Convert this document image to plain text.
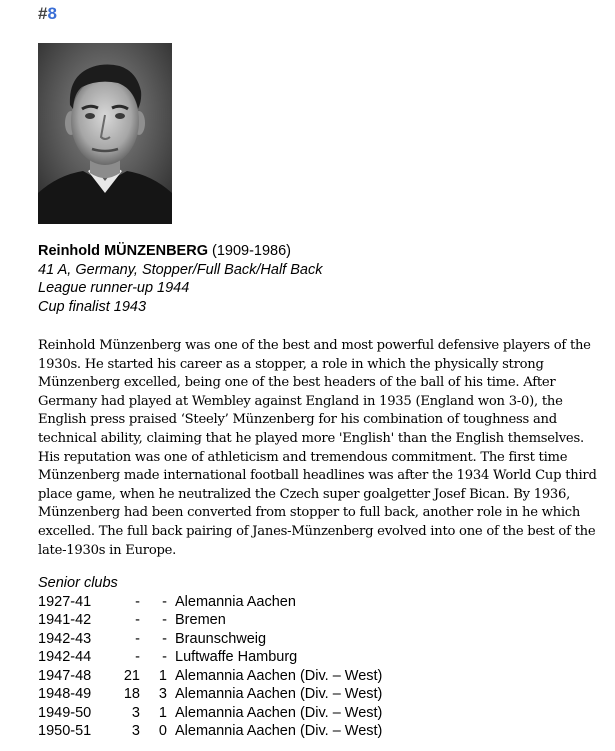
#8
Reinhold MÜNZENBERG (1909-1986)
41 A, Germany, Stopper/Full Back/Half Back
League runner-up 1944
Cup finalist 1943

Reinhold Münzenberg was one of the best and most powerful defensive players of the 1930s. He started his career as a stopper, a role in which the physically strong Münzenberg excelled, being one of the best headers of the ball of his time. After Germany had played at Wembley against England in 1935 (England won 3-0), the English press praised ‘Steely’ Münzenberg for his combination of toughness and technical ability, claiming that he played more 'English' than the English themselves. His reputation was one of athleticism and tremendous commitment. The first time Münzenberg made international football headlines was after the 1934 World Cup third place game, when he neutralized the Czech super goalgetter Josef Bican. By 1936, Münzenberg had been converted from stopper to full back, another role in he which excelled. The full back pairing of Janes-Münzenberg evolved into one of the best of the late-1930s in Europe.

Senior clubs
1927-41	- - Alemannia Aachen
1941-42	- - Bremen
1942-43	- - Braunschweig
1942-44	- - Luftwaffe Hamburg
1947-48 21 1 Alemannia Aachen (Div. – West)
1948-49 18 3 Alemannia Aachen (Div. – West)
1949-50	3 1 Alemannia Aachen (Div. – West)
1950-51	3 0 Alemannia Aachen (Div. – West)
